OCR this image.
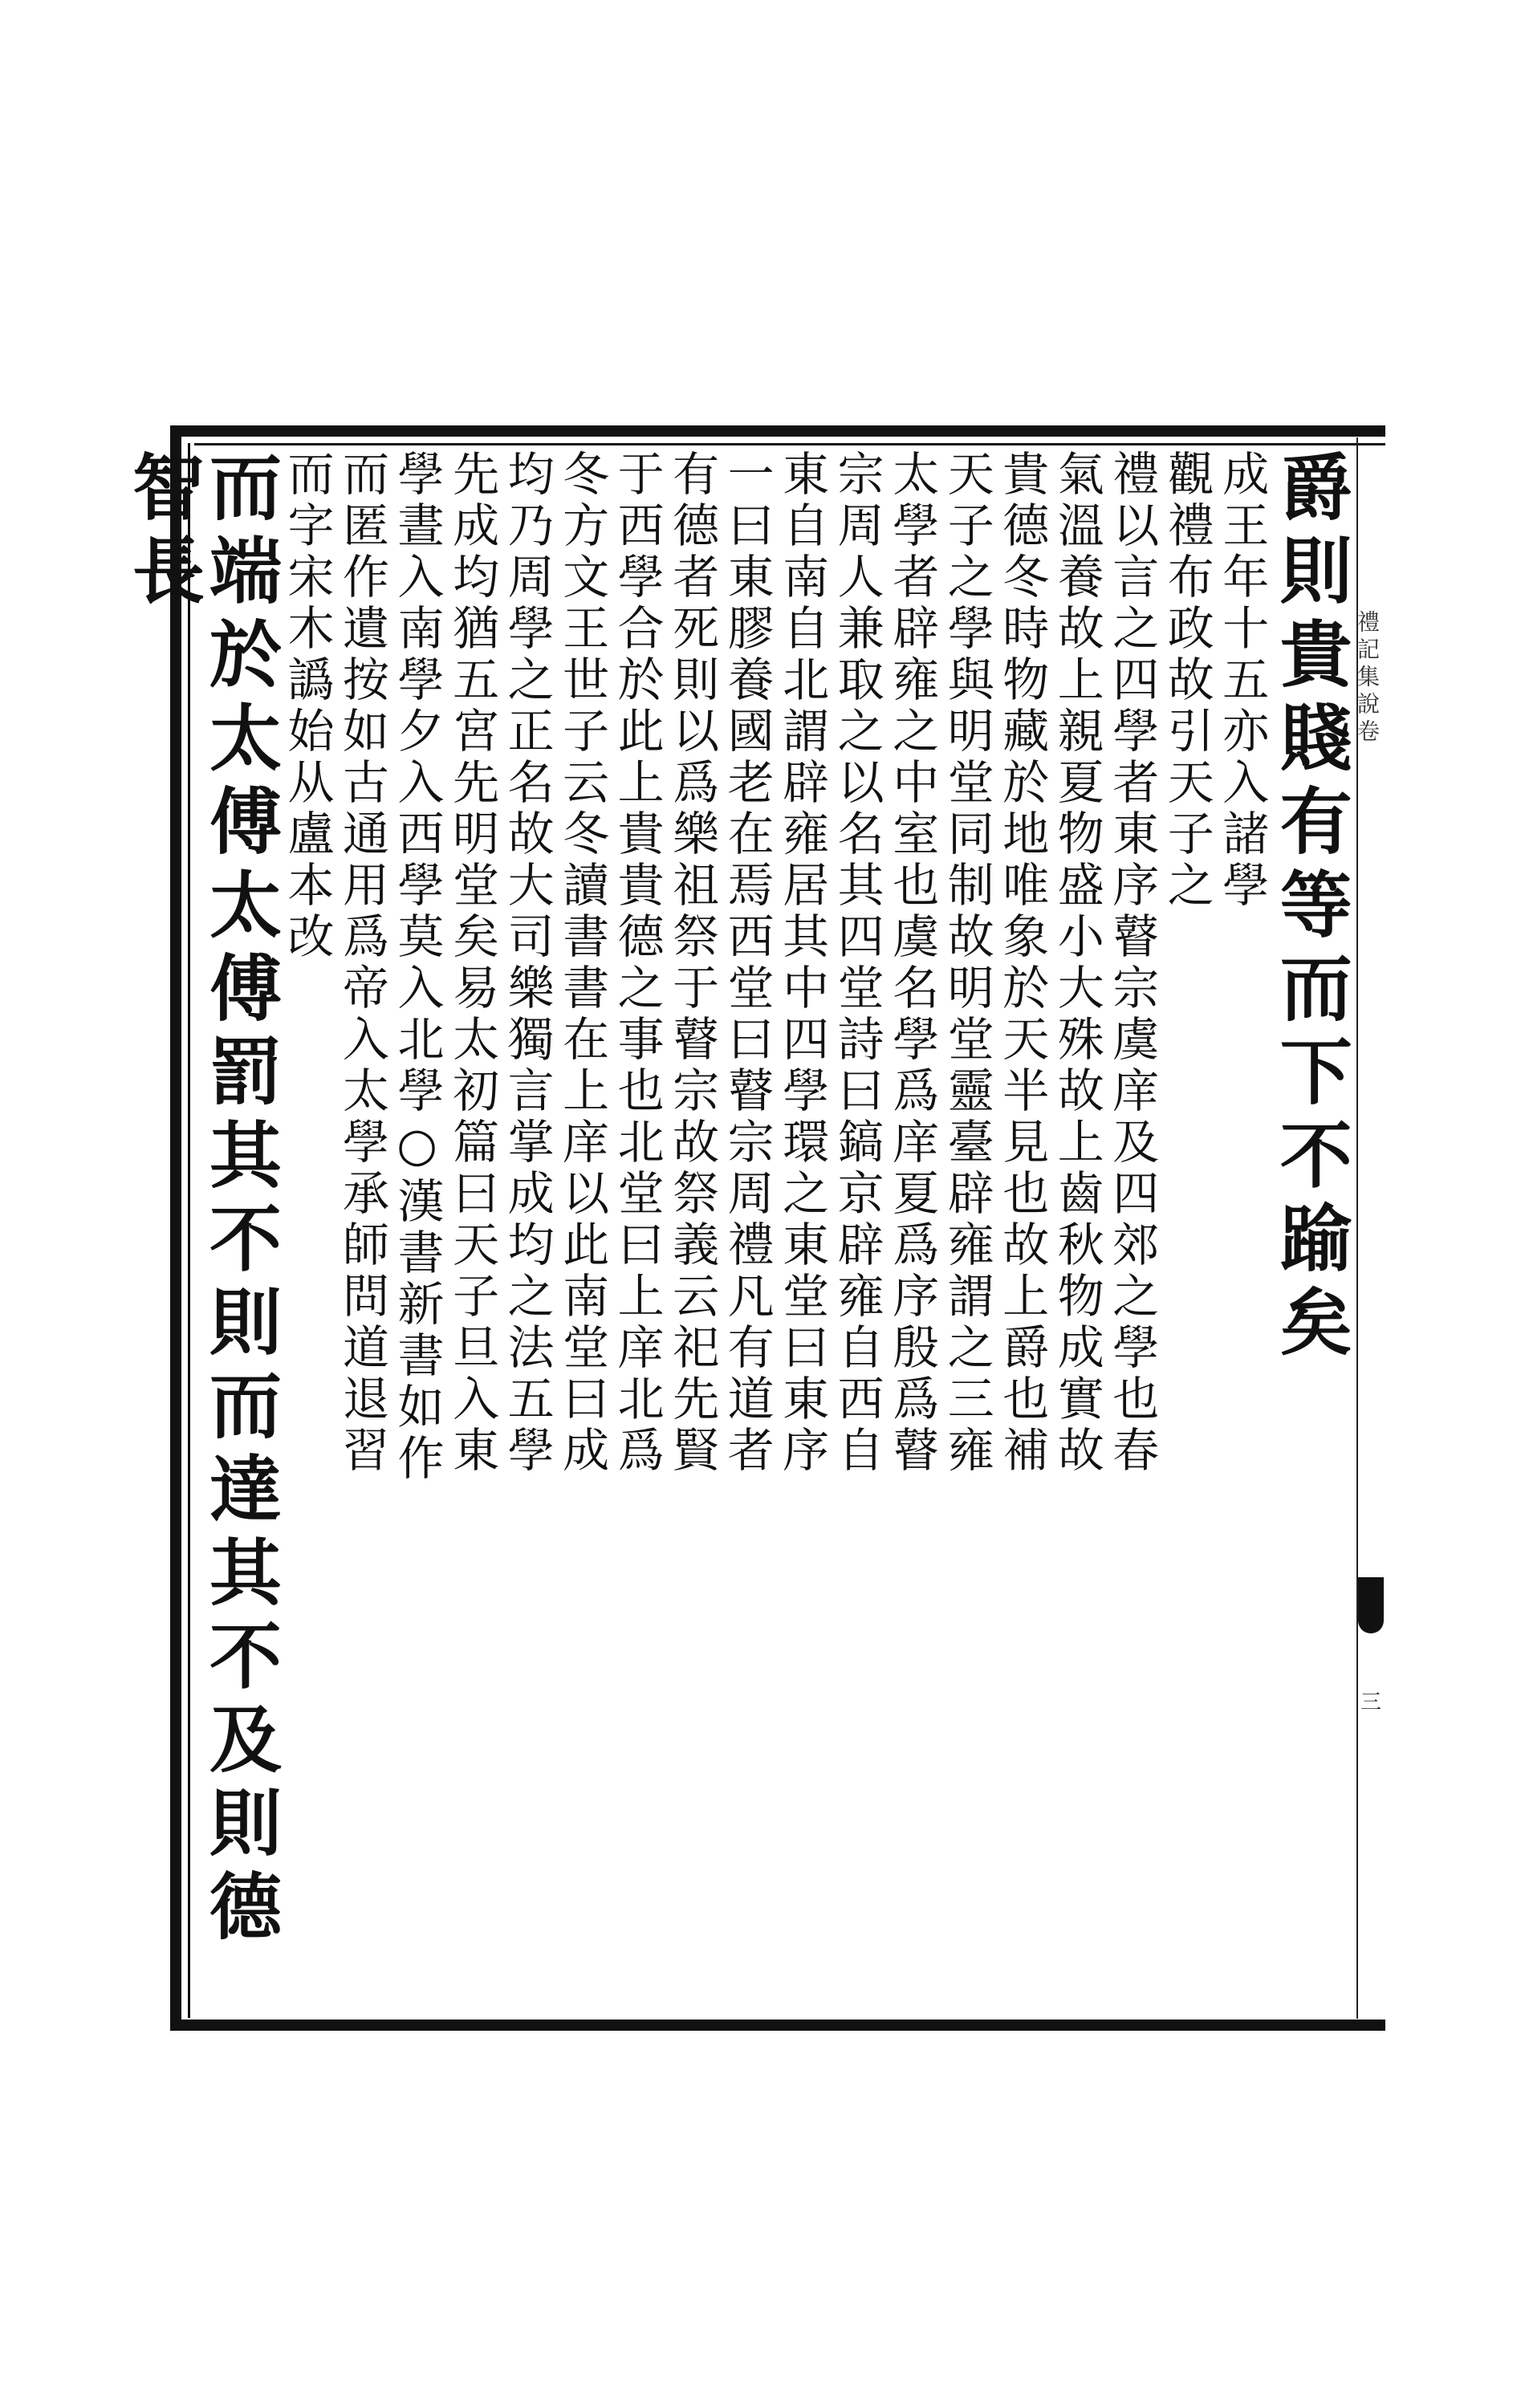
禮記集說卷
三
爵則貴賤有等而下不踰矣
成王年十五亦入諸學
觀禮布政故引天子之
禮以言之四學者東序瞽宗虞庠及四郊之學也春
氣溫養故上親夏物盛小大殊故上齒秋物成實故
貴德冬時物藏於地唯象於天半見也故上爵也補
天子之學與明堂同制故明堂靈臺辟雍謂之三雍
太學者辟雍之中室也虞名學爲庠夏爲序殷爲瞽
宗周人兼取之以名其四堂詩曰鎬京辟雍自西自
東自南自北謂辟雍居其中四學環之東堂曰東序
一曰東膠養國老在焉西堂曰瞽宗周禮凡有道者
有德者死則以爲樂祖祭于瞽宗故祭義云祀先賢
于西學合於此上貴貴德之事也北堂曰上庠北爲
冬方文王世子云冬讀書書在上庠以此南堂曰成
均乃周學之正名故大司樂獨言掌成均之法五學
先成均猶五宮先明堂矣易太初篇曰天子旦入東
學晝入南學夕入西學莫入北學○漢書新書如作
而匿作遺按如古通用爲帝入太學承師問道退習
而字宋木譌始从盧本改
而端於太傅太傅罰其不則而達其不及則德智長
